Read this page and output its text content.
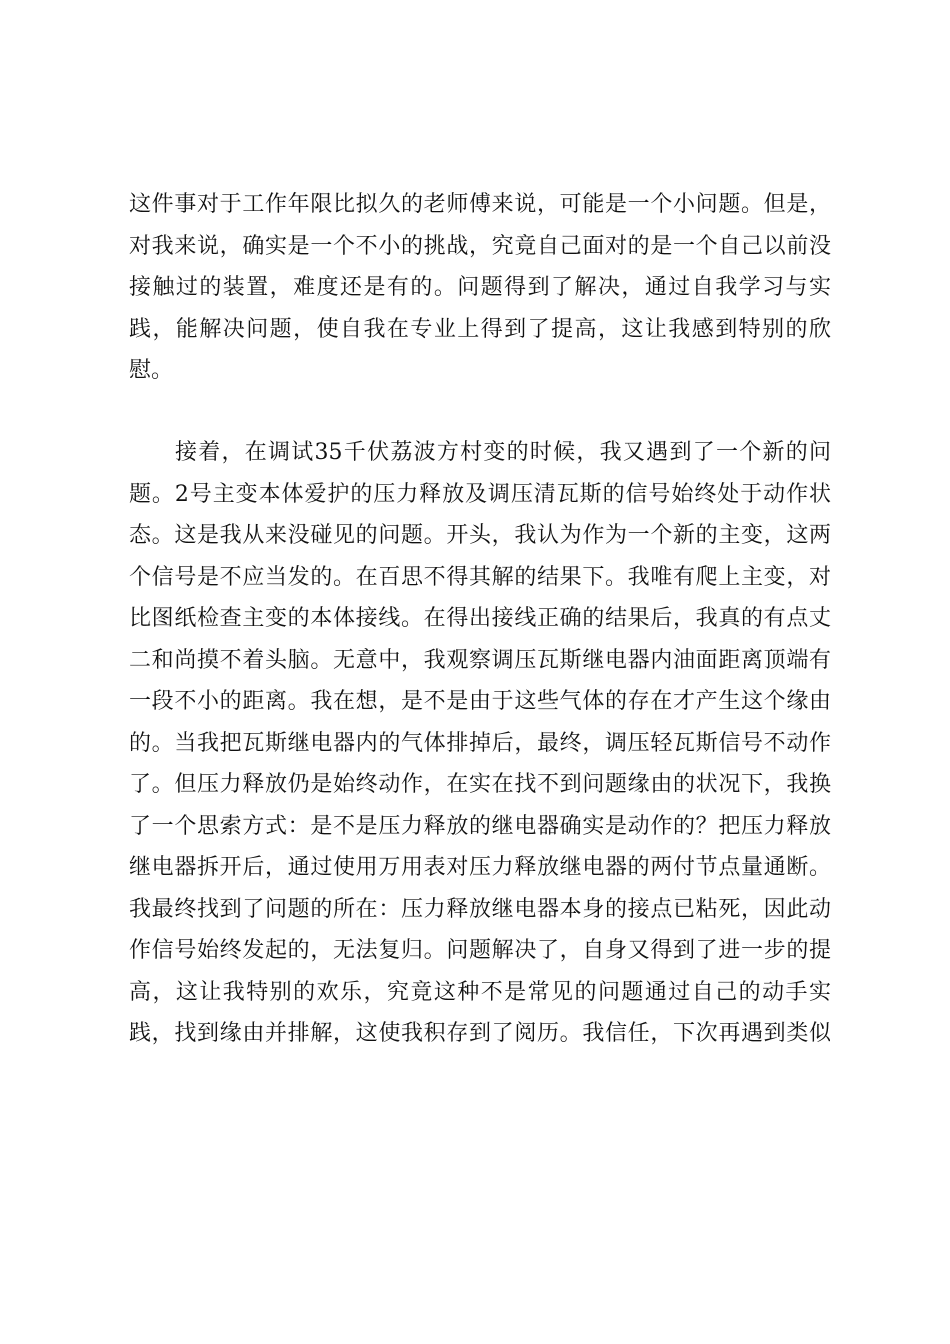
这件事对于工作年限比拟久的老师傅来说，可能是一个小问题。但是，
对我来说，确实是一个不小的挑战，究竟自己面对的是一个自己以前没
接触过的装置，难度还是有的。问题得到了解决，通过自我学习与实
践，能解决问题，使自我在专业上得到了提高，这让我感到特别的欣
慰。
接着，在调试35千伏荔波方村变的时候，我又遇到了一个新的问
题。2号主变本体爱护的压力释放及调压清瓦斯的信号始终处于动作状
态。这是我从来没碰见的问题。开头，我认为作为一个新的主变，这两
个信号是不应当发的。在百思不得其解的结果下。我唯有爬上主变，对
比图纸检查主变的本体接线。在得出接线正确的结果后，我真的有点丈
二和尚摸不着头脑。无意中，我观察调压瓦斯继电器内油面距离顶端有
一段不小的距离。我在想，是不是由于这些气体的存在才产生这个缘由
的。当我把瓦斯继电器内的气体排掉后，最终，调压轻瓦斯信号不动作
了。但压力释放仍是始终动作，在实在找不到问题缘由的状况下，我换
了一个思索方式：是不是压力释放的继电器确实是动作的？把压力释放
继电器拆开后，通过使用万用表对压力释放继电器的两付节点量通断。
我最终找到了问题的所在：压力释放继电器本身的接点已粘死，因此动
作信号始终发起的，无法复归。问题解决了，自身又得到了进一步的提
高，这让我特别的欢乐，究竟这种不是常见的问题通过自己的动手实
践，找到缘由并排解，这使我积存到了阅历。我信任，下次再遇到类似
